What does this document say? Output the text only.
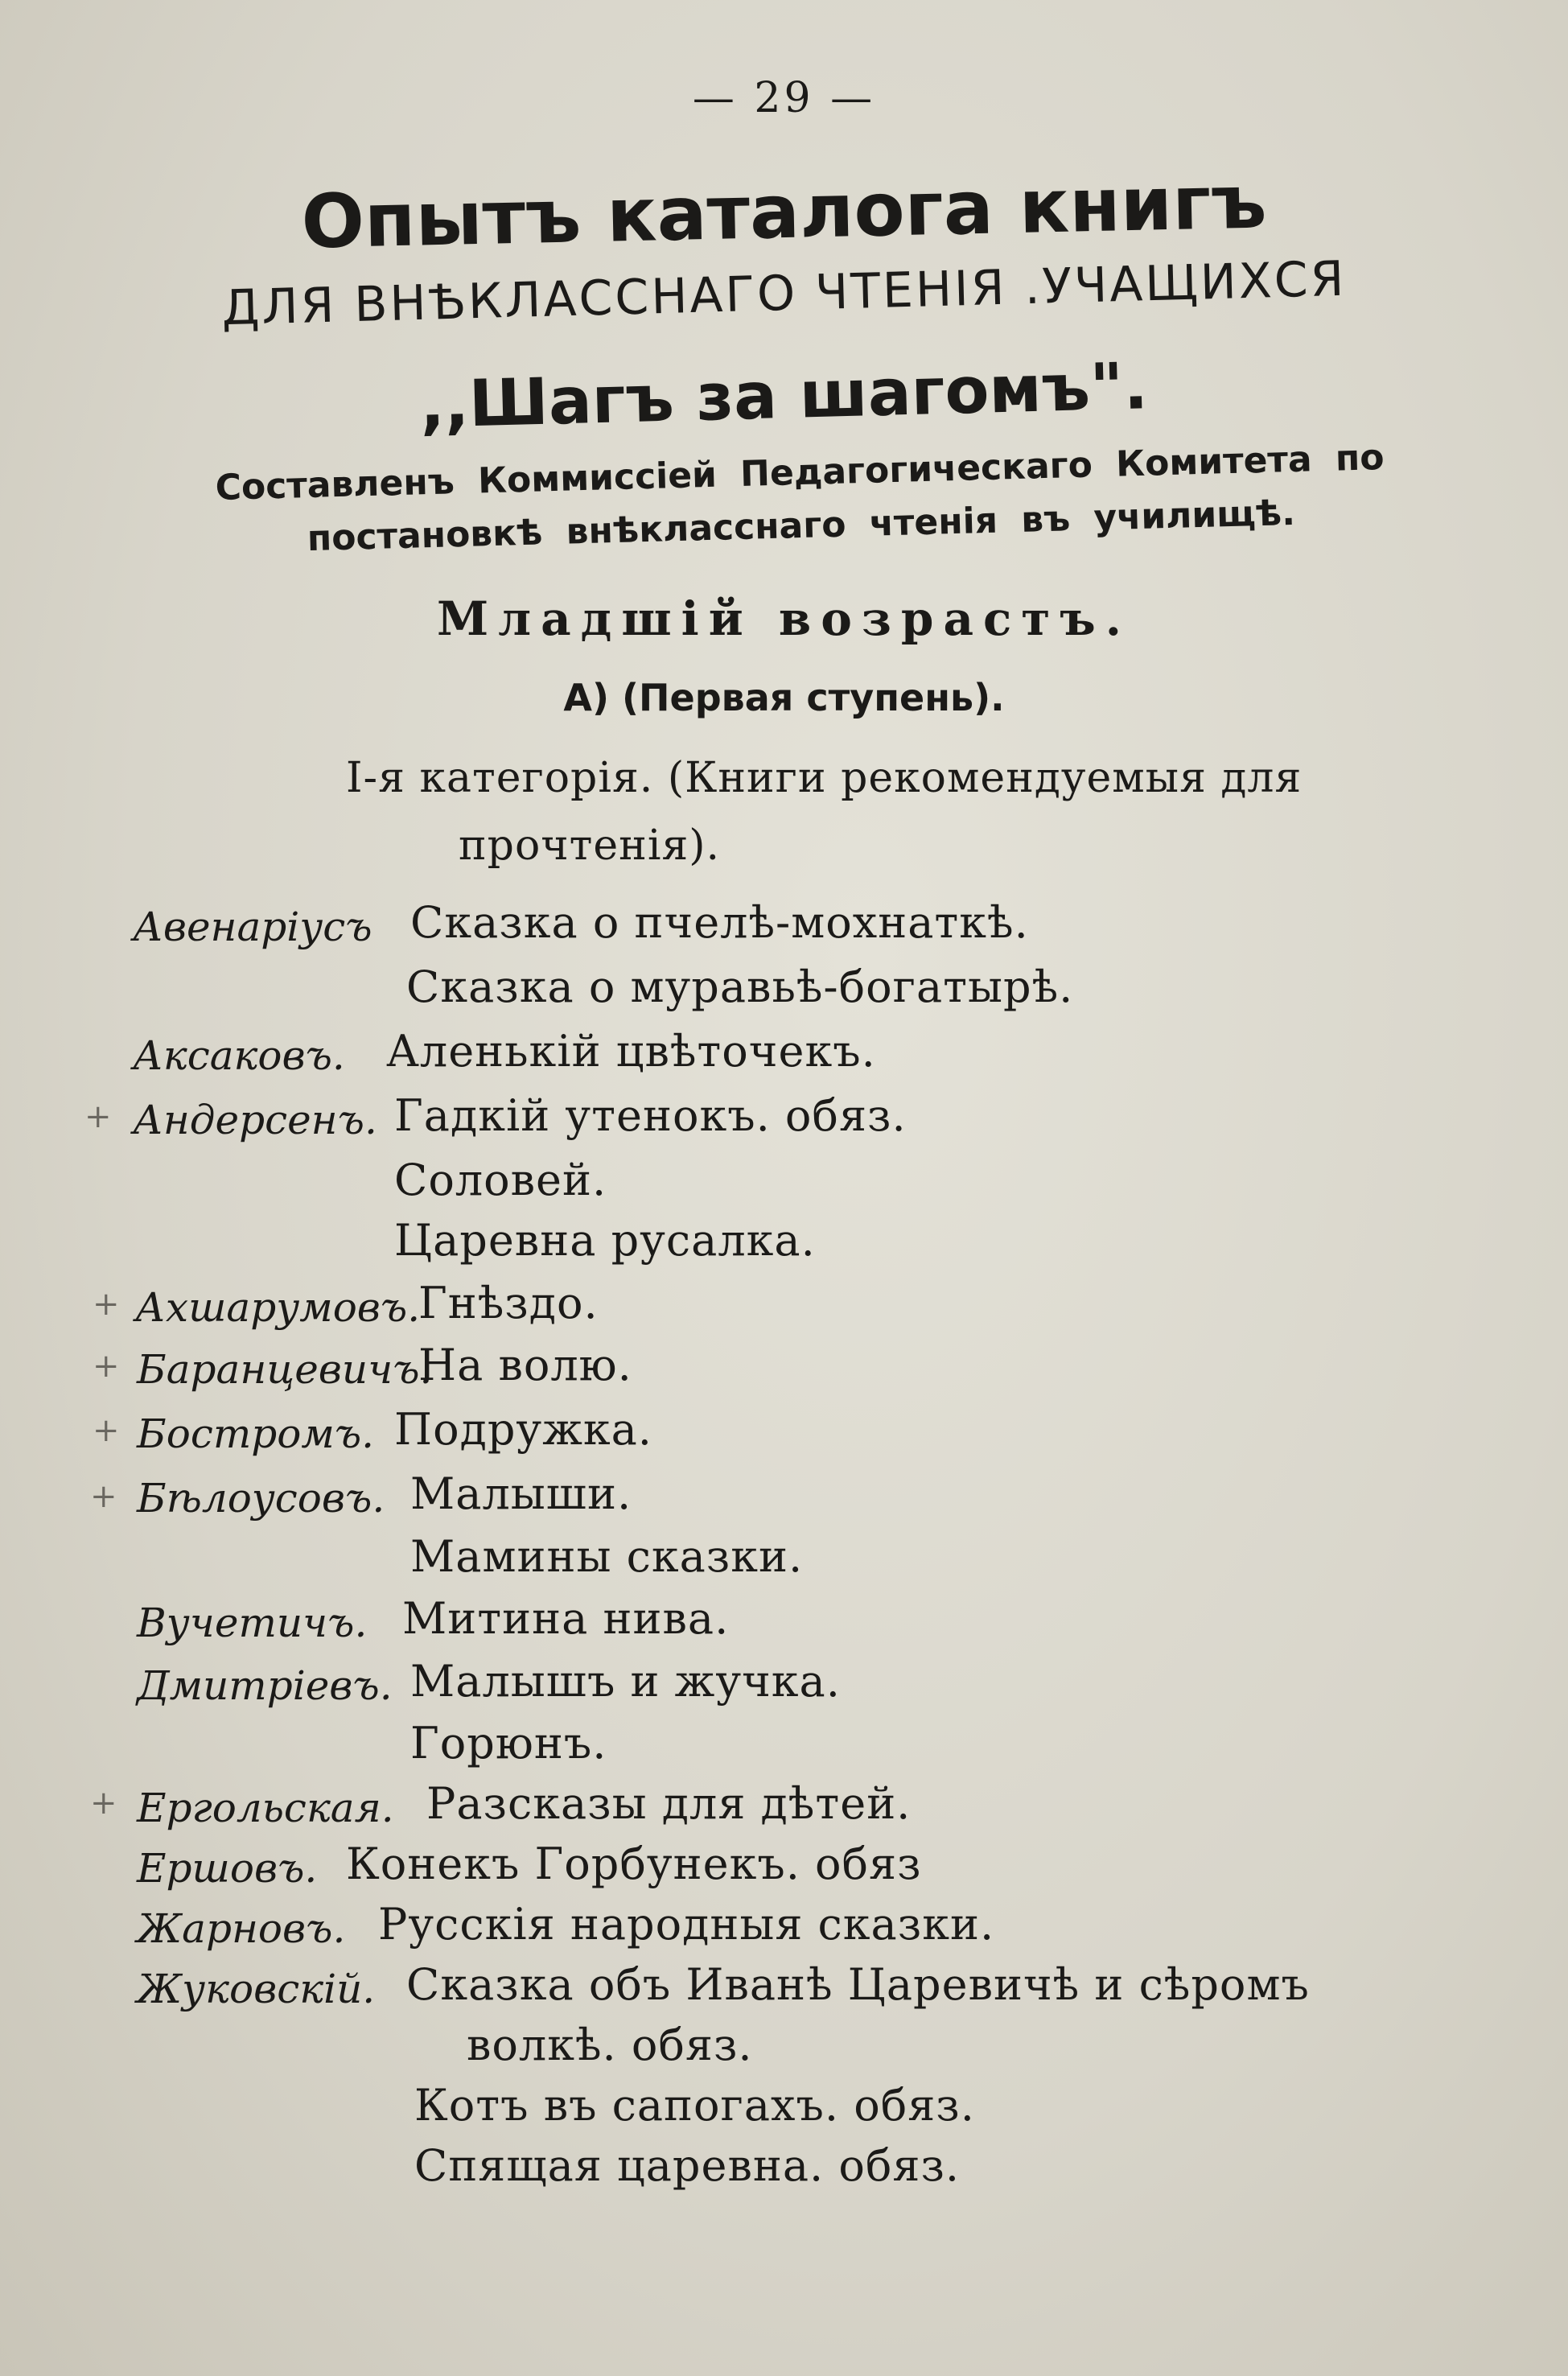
— 29 —
Опытъ каталога книгъ
ДЛЯ ВНѢКЛАССНАГО ЧТЕНІЯ .УЧАЩИХСЯ
,,Шагъ за шагомъ".
Составленъ Коммиссіей Педагогическаго Комитета по постановкѣ внѣкласснаго чтенія въ училищѣ.
Младшій возрастъ.
А) (Первая ступень).
І-я категорія. (Книги рекомендуемыя для
прочтенія).
Авенаріусъ Сказка о пчелѣ-мохнаткѣ.
Сказка о муравьѣ-богатырѣ.
Аксаковъ. Аленькій цвѣточекъ.
+ Андерсенъ. Гадкій утенокъ. обяз.
Соловей.
Царевна русалка.
+ Ахшарумовъ.
Гнѣздо.
+ Баранцевичъ.
На волю.
+ Бостромъ. Подружка.
+ Бѣлоусовъ. Малыши.
Мамины сказки.
Вучетичъ. Митина нива.
Дмитріевъ. Малышъ и жучка.
Горюнъ.
+ Ергольская. Разсказы для дѣтей.
Ершовъ. Конекъ Горбунекъ. обяз
Жарновъ. Русскія народныя сказки.
Жуковскій. Сказка объ Иванѣ Царевичѣ и сѣромъ
волкѣ. обяз.
Котъ въ сапогахъ. обяз.
Спящая царевна. обяз.
